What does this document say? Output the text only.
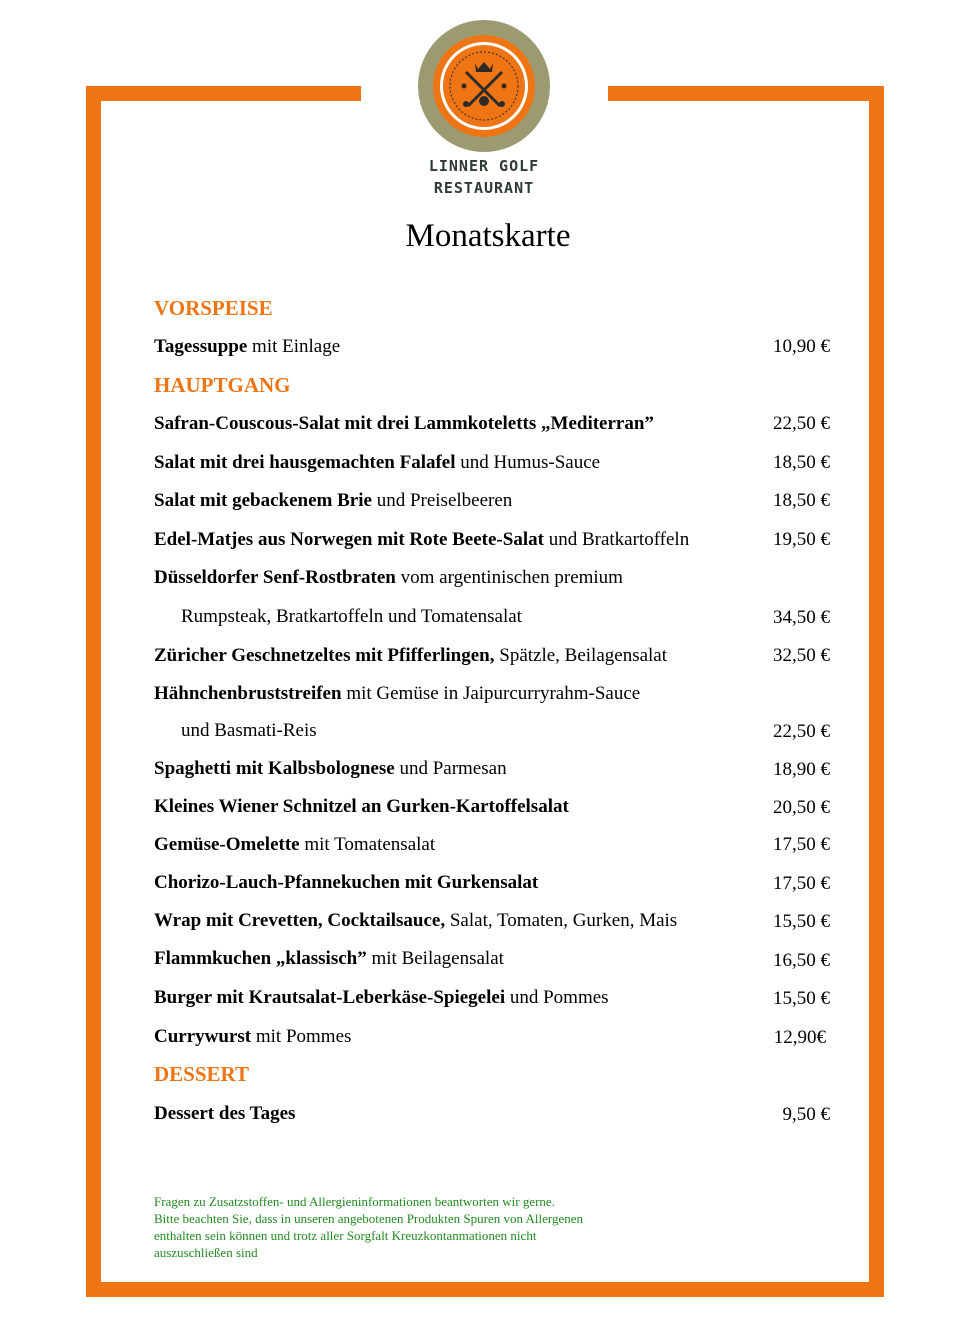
LINNER GOLF
RESTAURANT
Monatskarte
VORSPEISE
HAUPTGANG
DESSERT
Tagessuppe mit Einlage	10,90 €
Safran-Couscous-Salat mit drei Lammkoteletts „Mediterran”	22,50 €
Salat mit drei hausgemachten Falafel und Humus-Sauce	18,50 €
Salat mit gebackenem Brie und Preiselbeeren	18,50 €
Edel-Matjes aus Norwegen mit Rote Beete-Salat und Bratkartoffeln	19,50 €
Düsseldorfer Senf-Rostbraten vom argentinischen premium
Rumpsteak, Bratkartoffeln und Tomatensalat	34,50 €
Züricher Geschnetzeltes mit Pfifferlingen, Spätzle, Beilagensalat	32,50 €
Hähnchenbruststreifen mit Gemüse in Jaipurcurryrahm-Sauce
und Basmati-Reis	22,50 €
Spaghetti mit Kalbsbolognese und Parmesan	18,90 €
Kleines Wiener Schnitzel an Gurken-Kartoffelsalat	20,50 €
Gemüse-Omelette mit Tomatensalat	17,50 €
Chorizo-Lauch-Pfannekuchen mit Gurkensalat	17,50 €
Wrap mit Crevetten, Cocktailsauce, Salat, Tomaten, Gurken, Mais	15,50 €
Flammkuchen „klassisch” mit Beilagensalat	16,50 €
Burger mit Krautsalat-Leberkäse-Spiegelei und Pommes	15,50 €
Currywurst mit Pommes	12,90€
Dessert des Tages	9,50 €
Fragen zu Zusatzstoffen- und Allergieninformationen beantworten wir gerne.
Bitte beachten Sie, dass in unseren angebotenen Produkten Spuren von Allergenen
enthalten sein können und trotz aller Sorgfalt Kreuzkontanmationen nicht
auszuschließen sind
